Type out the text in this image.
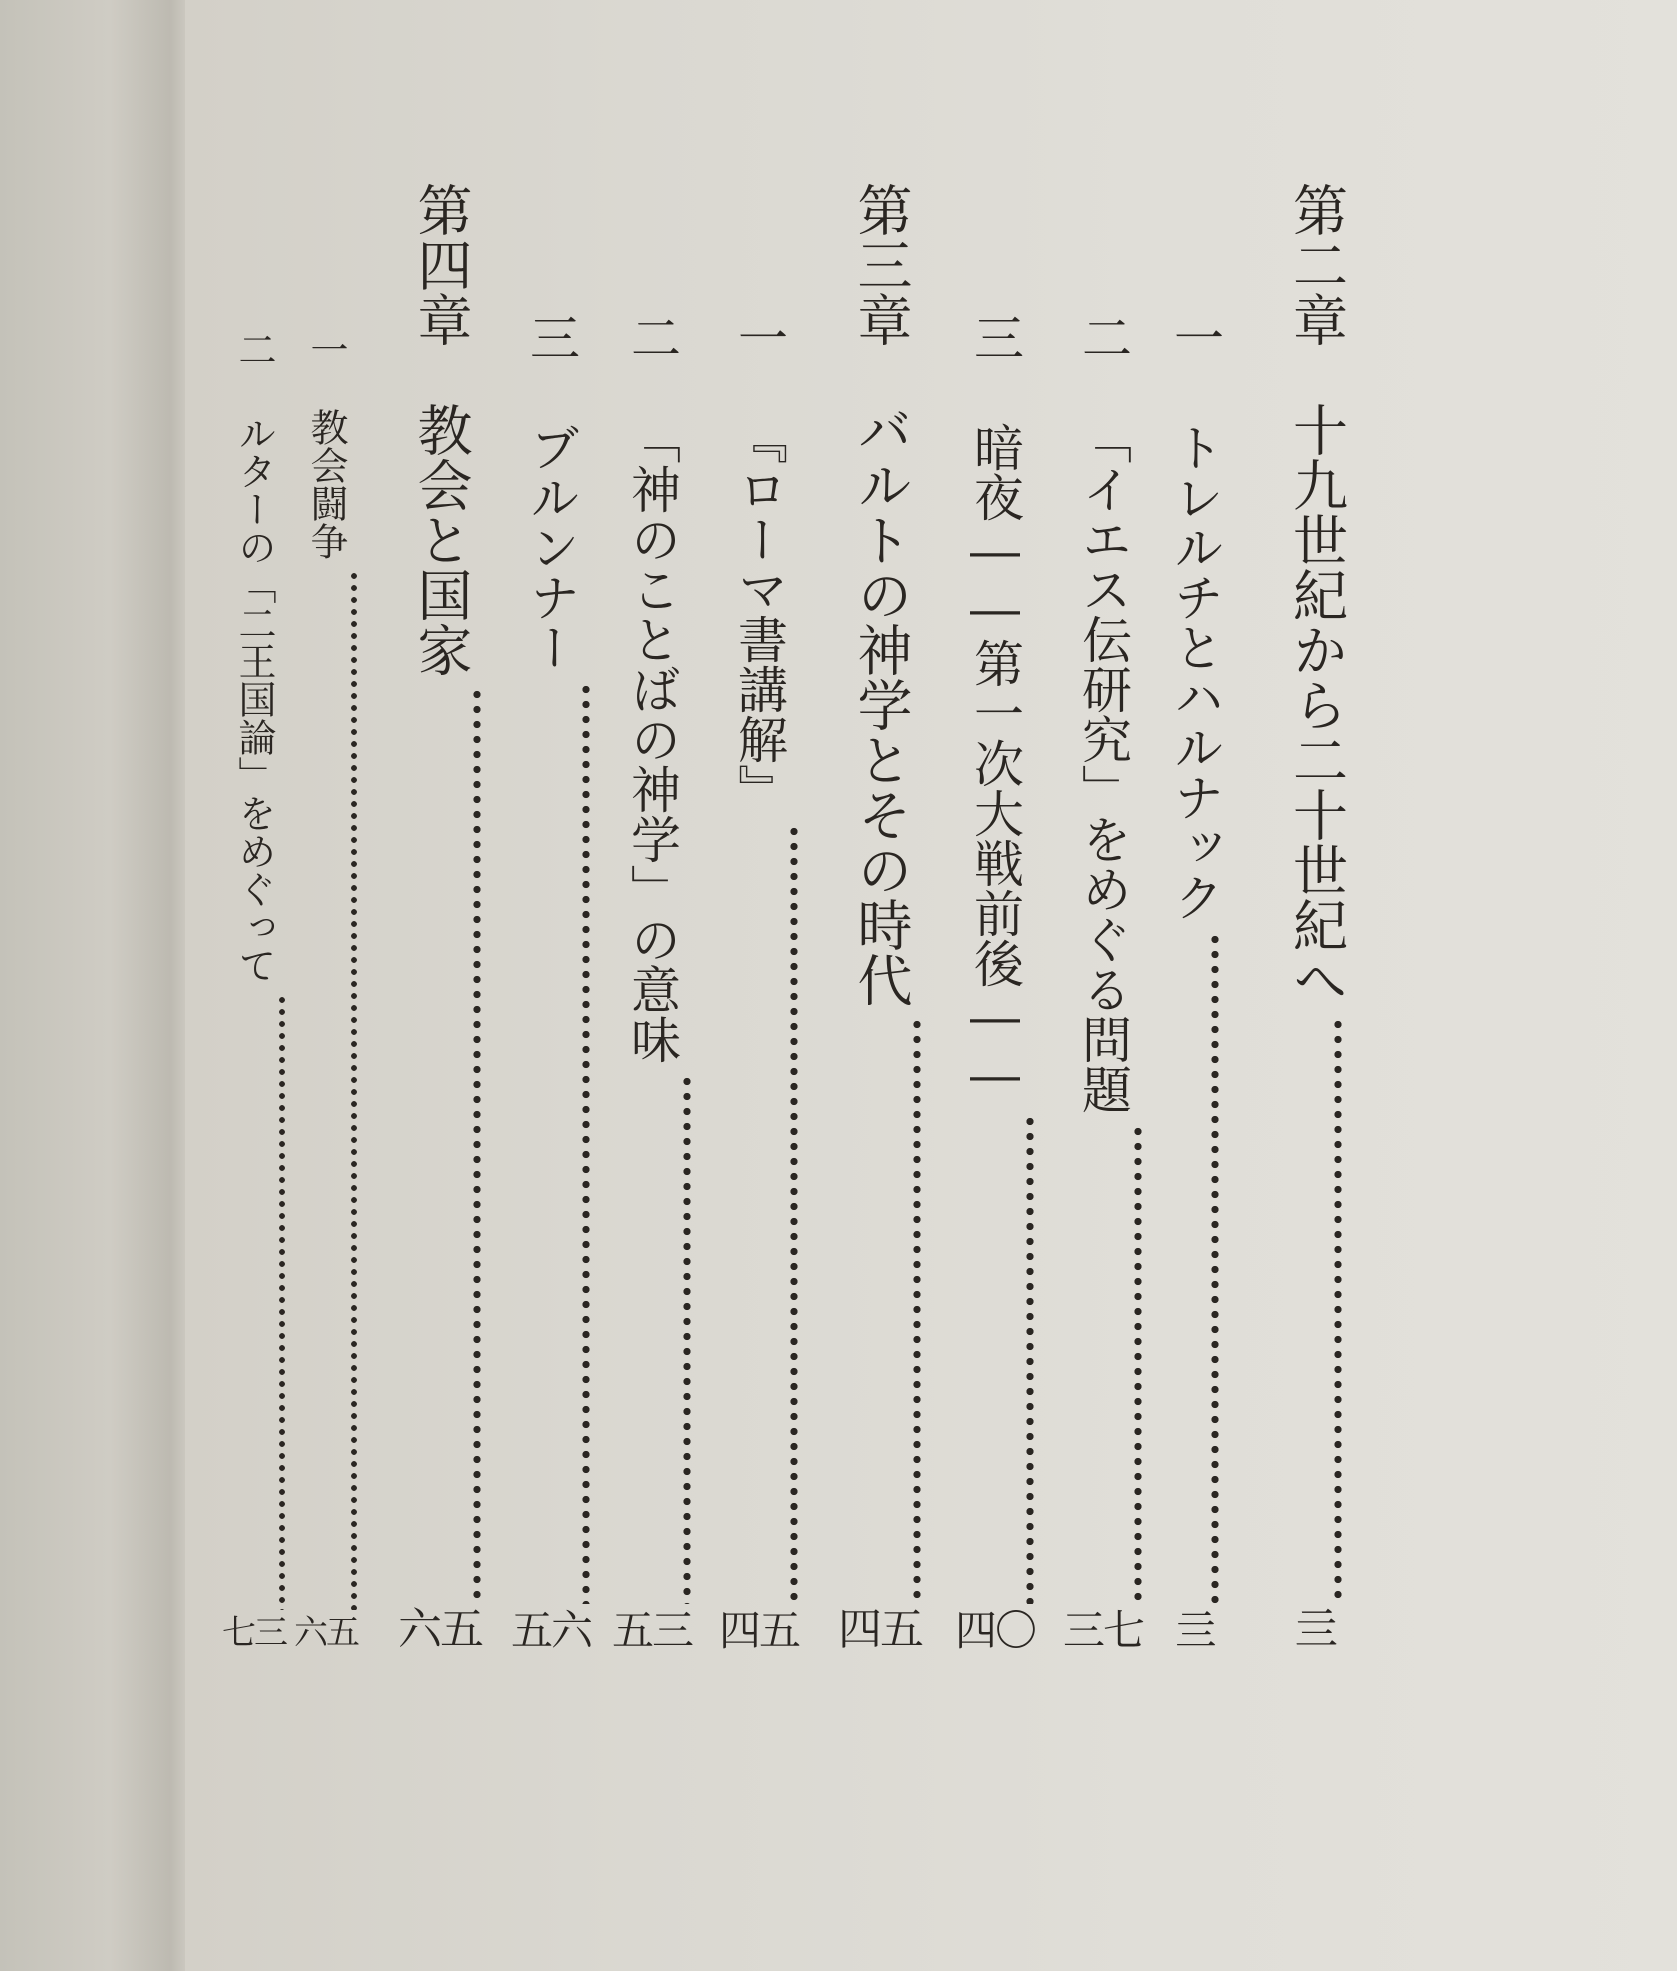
第二章
十九世紀から二十世紀へ
亖
一
トレルチとハルナック
亖
二
「イエス伝研究」をめぐる問題
三七
三
暗夜――第一次大戦前後――
四〇
第三章
バルトの神学とその時代
四五
一
『ローマ書講解』
四五
二
「神のことばの神学」の意味
五三
三
ブルンナー
五六
第四章
教会と国家
六五
一
教会闘争
六五
二
ルターの「二王国論」をめぐって
七三
